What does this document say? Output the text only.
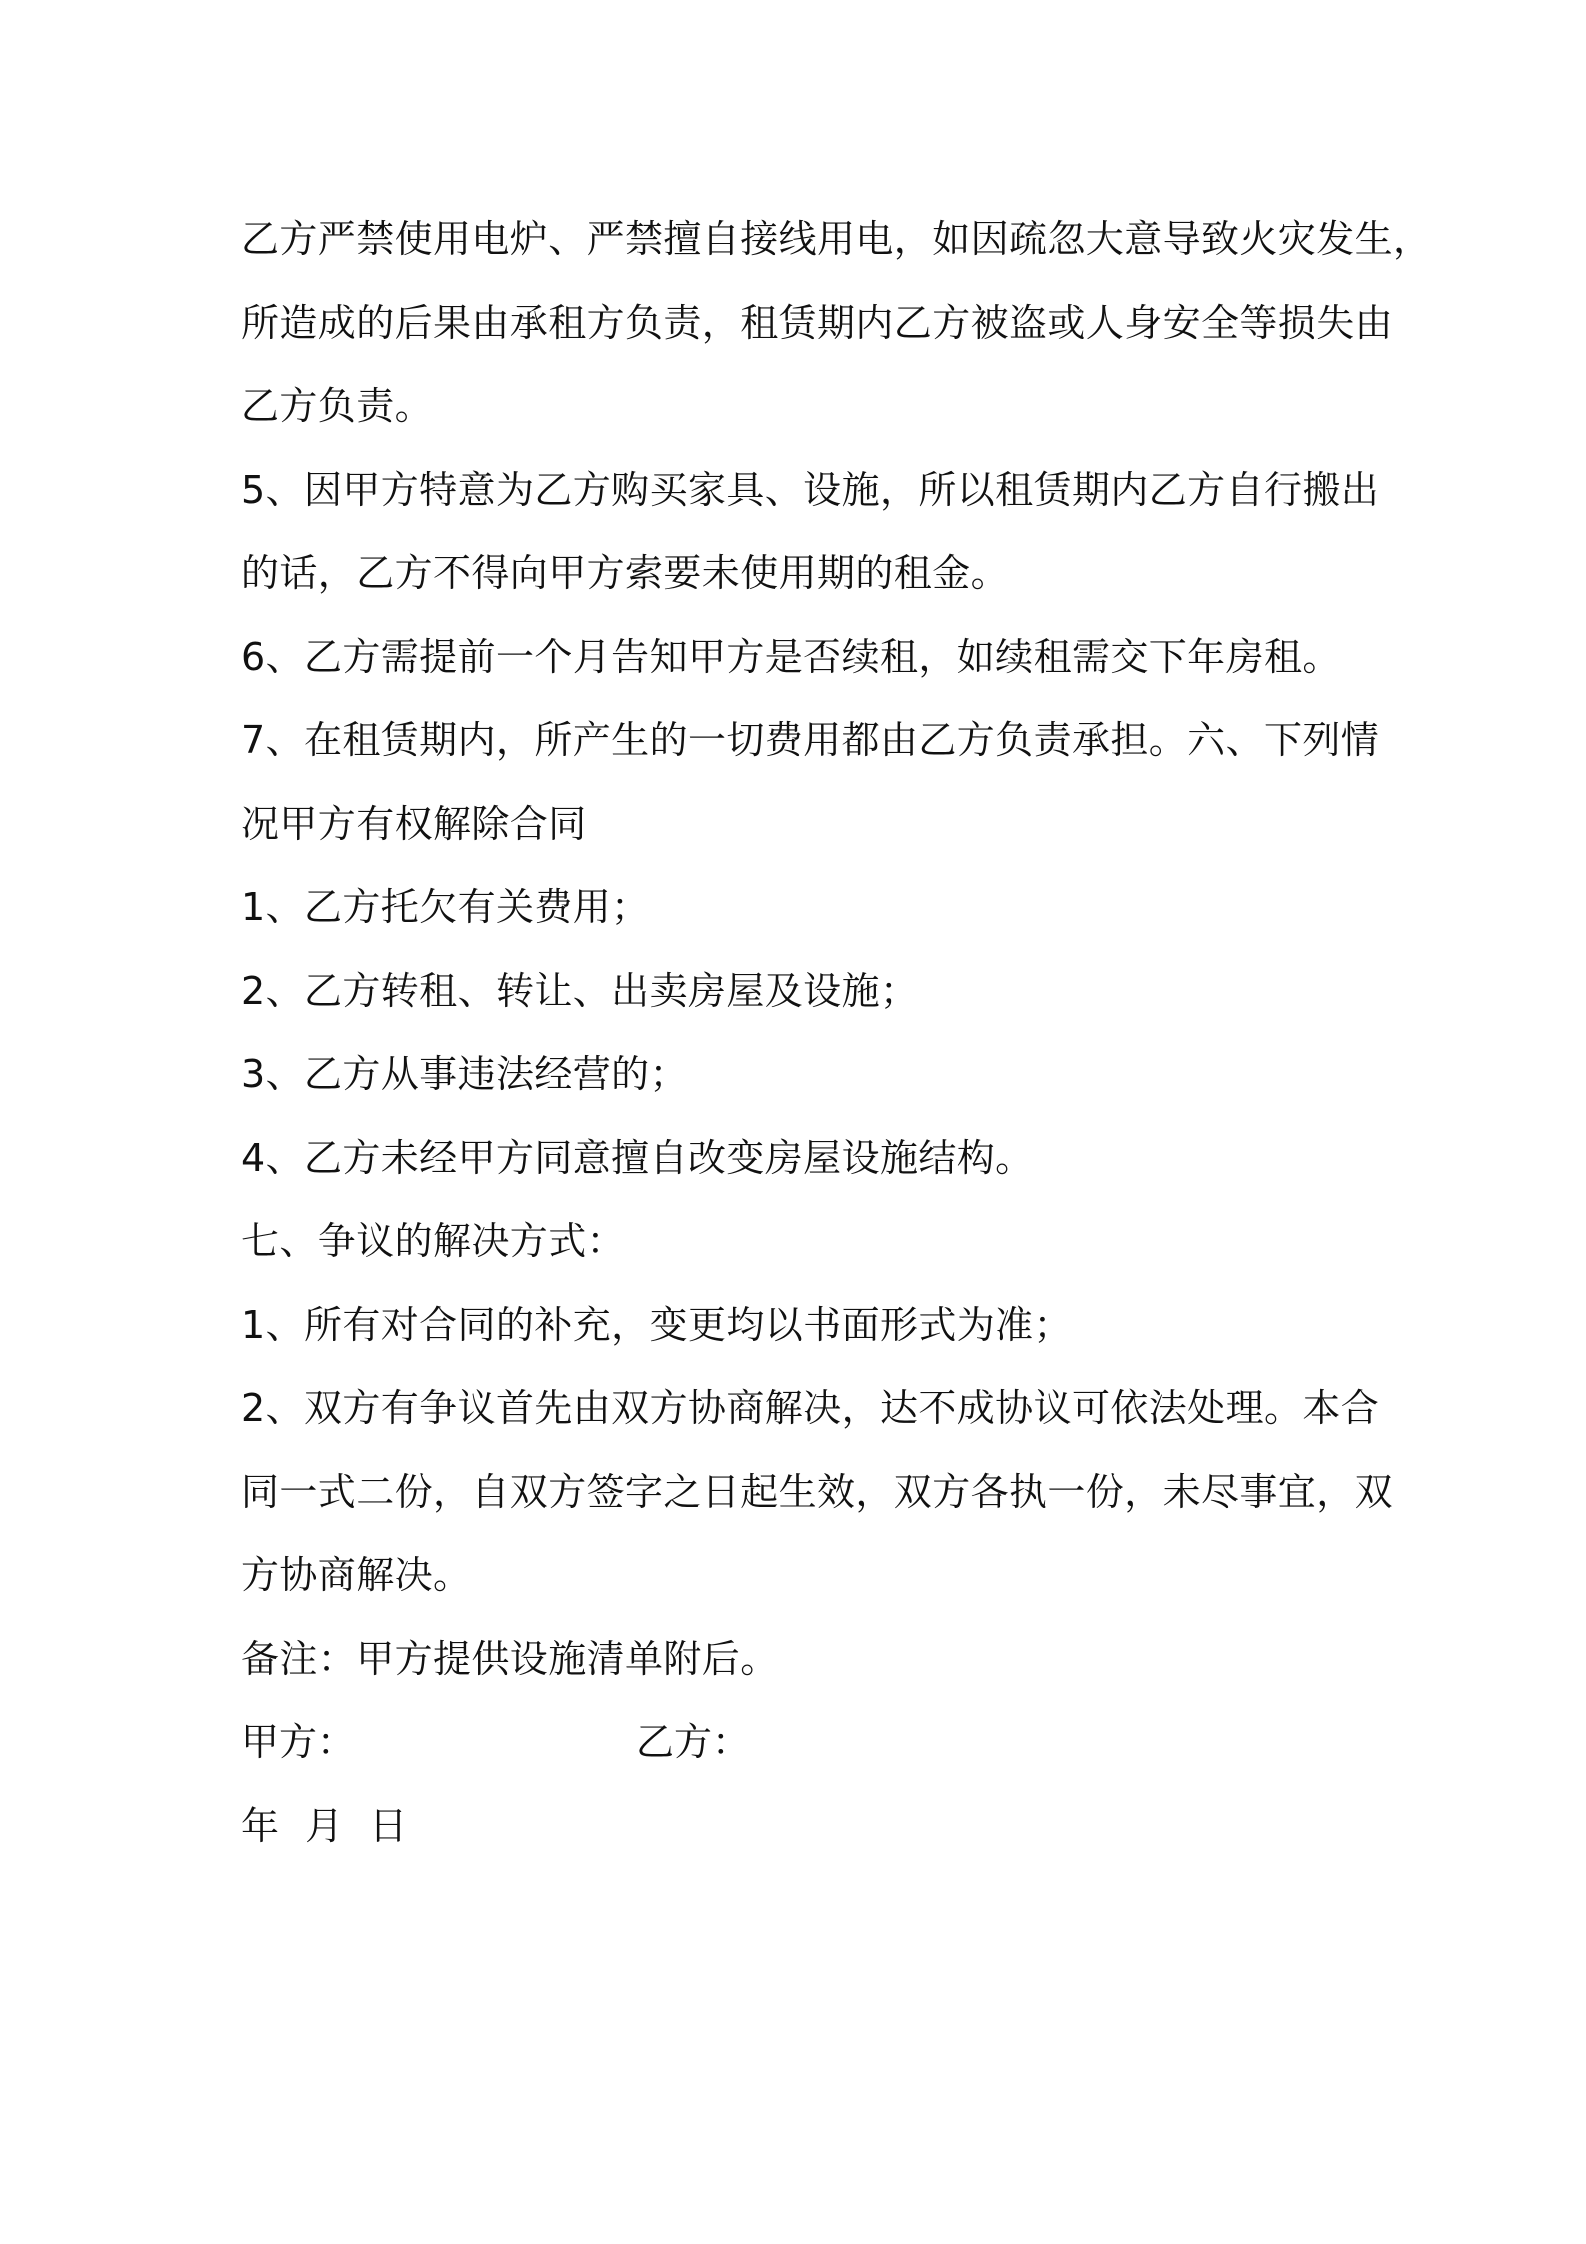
乙方严禁使用电炉、严禁擅自接线用电，如因疏忽大意导致火灾发生，
所造成的后果由承租方负责，租赁期内乙方被盗或人身安全等损失由
乙方负责。
5、因甲方特意为乙方购买家具、设施，所以租赁期内乙方自行搬出
的话，乙方不得向甲方索要未使用期的租金。
6、乙方需提前一个月告知甲方是否续租，如续租需交下年房租。
7、在租赁期内，所产生的一切费用都由乙方负责承担。六、下列情
况甲方有权解除合同
1、乙方托欠有关费用；
2、乙方转租、转让、出卖房屋及设施；
3、乙方从事违法经营的；
4、乙方未经甲方同意擅自改变房屋设施结构。
七、争议的解决方式：
1、所有对合同的补充，变更均以书面形式为准；
2、双方有争议首先由双方协商解决，达不成协议可依法处理。本合
同一式二份，自双方签字之日起生效，双方各执一份，未尽事宜，双
方协商解决。
备注：甲方提供设施清单附后。
甲方：	乙方：
年 月 日
